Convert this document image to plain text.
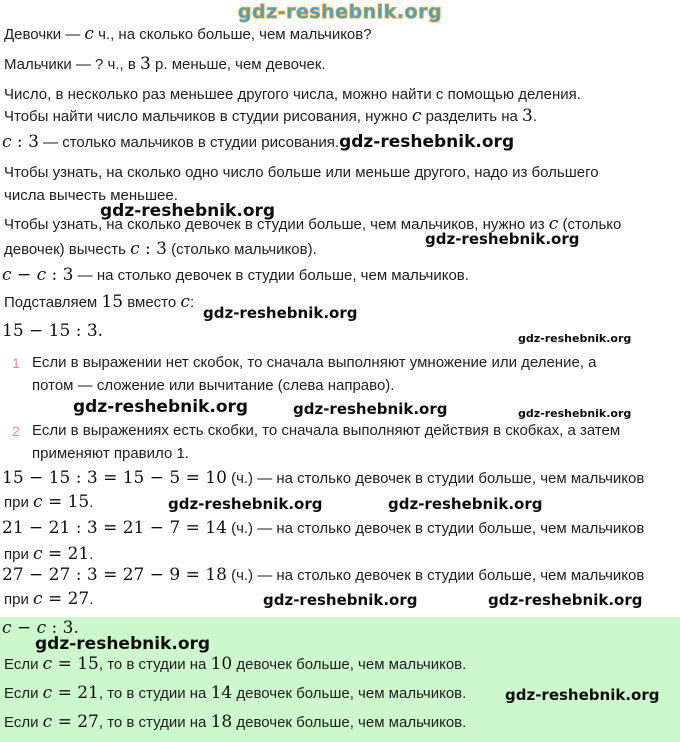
gdz-reshebnik.org
Девочки — c ч., на сколько больше, чем мальчиков?
Мальчики — ? ч., в 3 р. меньше, чем девочек.
Число, в несколько раз меньшее другого числа, можно найти с помощью деления.
Чтобы найти число мальчиков в студии рисования, нужно c разделить на 3.
c : 3 — столько мальчиков в студии рисования.gdz-reshebnik.org
Чтобы узнать, на сколько одно число больше или меньше другого, надо из большего
числа вычесть меньшее.
gdz-reshebnik.org
Чтобы узнать, на сколько девочек в студии больше, чем мальчиков, нужно из c (столько
gdz-reshebnik.org
девочек) вычесть c : 3 (столько мальчиков).
c − c : 3 — на столько девочек в студии больше, чем мальчиков.
Подставляем 15 вместо c:
gdz-reshebnik.org
15 − 15 : 3.	gdz-reshebnik.org
1 Если в выражении нет скобок, то сначала выполняют умножение или деление, а
потом — сложение или вычитание (слева направо).
gdz-reshebnik.org	gdz-reshebnik.org	gdz-reshebnik.org
2 Если в выражениях есть скобки, то сначала выполняют действия в скобках, а затем
применяют правило 1.
15 − 15 : 3 = 15 − 5 = 10 (ч.) — на столько девочек в студии больше, чем мальчиков
при c = 15.	gdz-reshebnik.org	gdz-reshebnik.org
21 − 21 : 3 = 21 − 7 = 14 (ч.) — на столько девочек в студии больше, чем мальчиков
при c = 21.
27 − 27 : 3 = 27 − 9 = 18 (ч.) — на столько девочек в студии больше, чем мальчиков
при c = 27.	gdz-reshebnik.org	gdz-reshebnik.org
c − c : 3.
gdz-reshebnik.org
Если c = 15, то в студии на 10 девочек больше, чем мальчиков.
Если c = 21, то в студии на 14 девочек больше, чем мальчиков.	gdz-reshebnik.org
Если c = 27, то в студии на 18 девочек больше, чем мальчиков.
